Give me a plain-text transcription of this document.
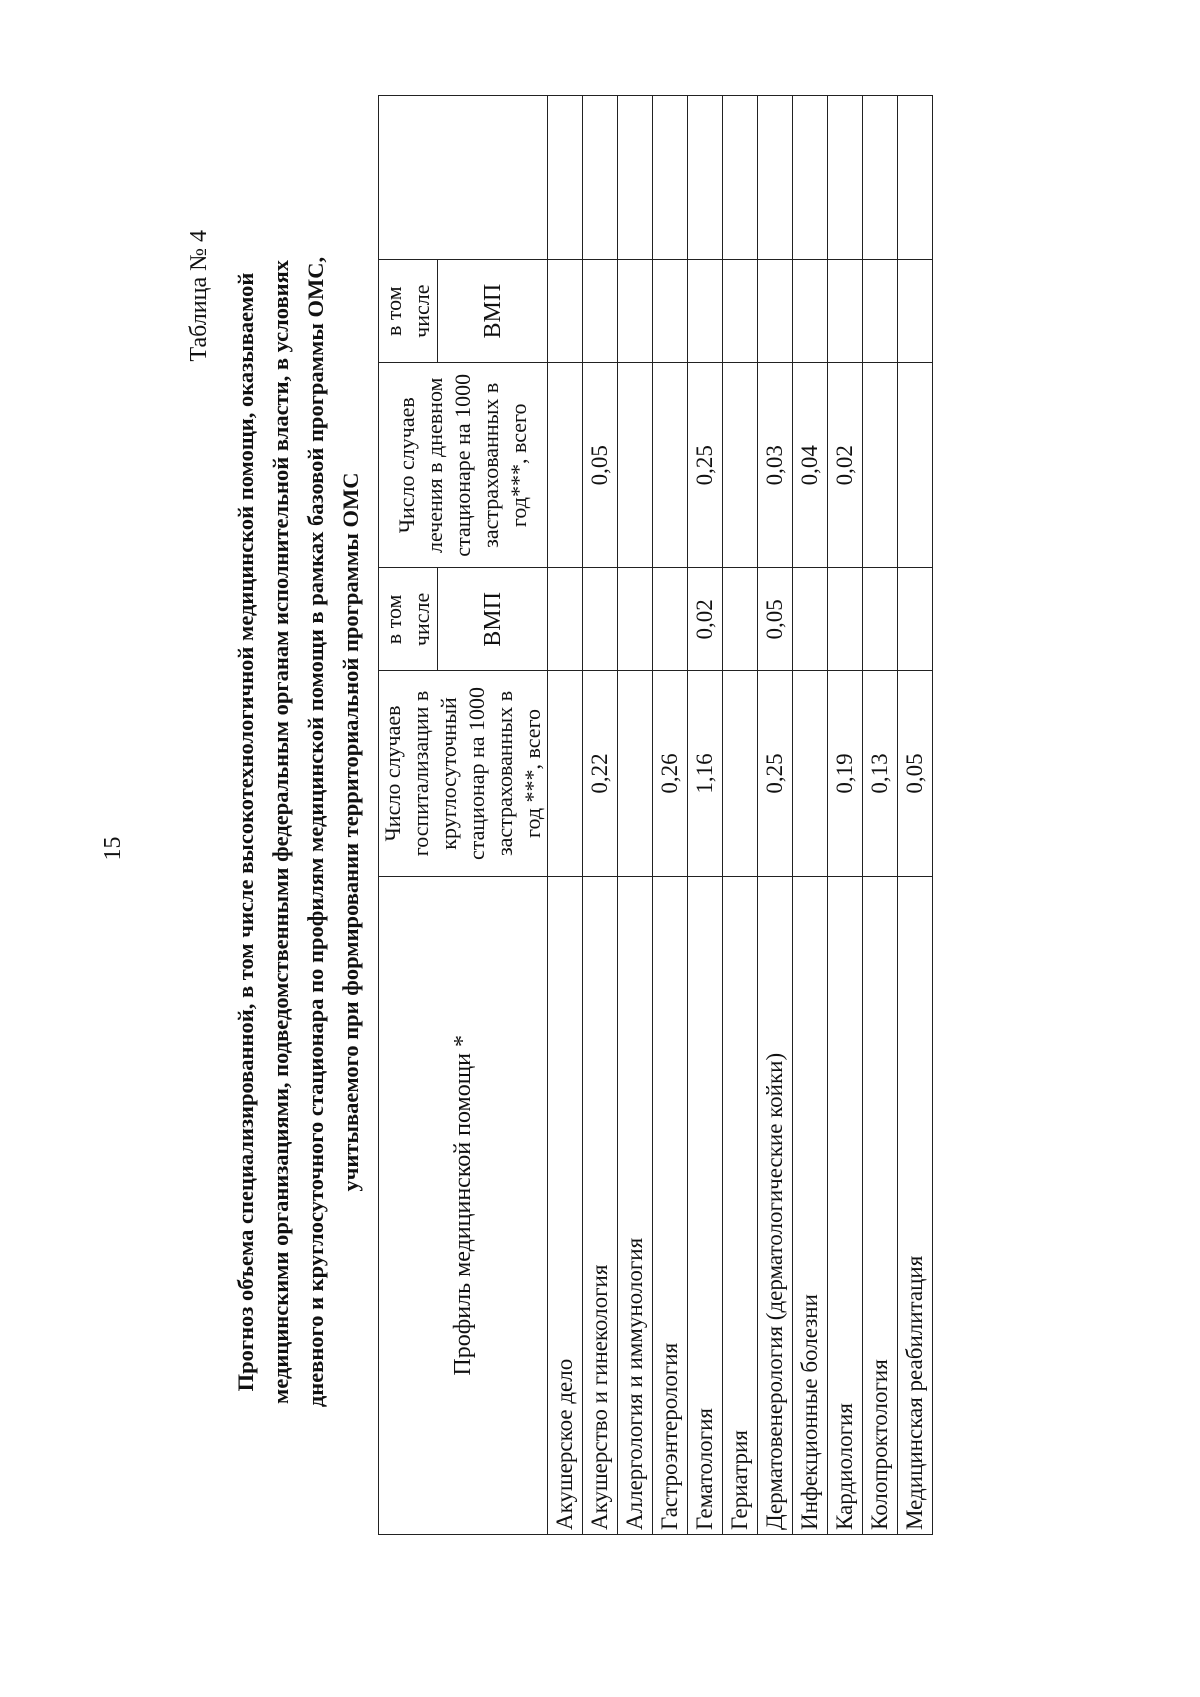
15
Таблица № 4 Прогноз объема специализированной, в том числе высокотехнологичной медицинской помощи, оказываемой медицинскими организациями, подведомственными федеральным органам исполнительной власти, в условиях дневного и круглосуточного стационара по профилям медицинской помощи в рамках базовой программы ОМС, учитываемого при формировании территориальной программы ОМС
Профиль медицинской помощи *	Число случаев госпитализации в круглосуточный стационар на 1000 застрахованных в год ***, всего	в том числе	Число случаев лечения в дневном стационаре на 1000 застрахованных в год***, всего	в том числе	
		ВМП		ВМП	
Акушерское дело					
Акушерство и гинекология	0,22		0,05		
Аллергология и иммунология					
Гастроэнтерология	0,26				
Гематология	1,16	0,02	0,25		
Гериатрия					
Дерматовенерология (дерматологические койки)	0,25	0,05	0,03		
Инфекционные болезни			0,04		
Кардиология	0,19		0,02		
Колопроктология	0,13				
Медицинская реабилитация	0,05				
